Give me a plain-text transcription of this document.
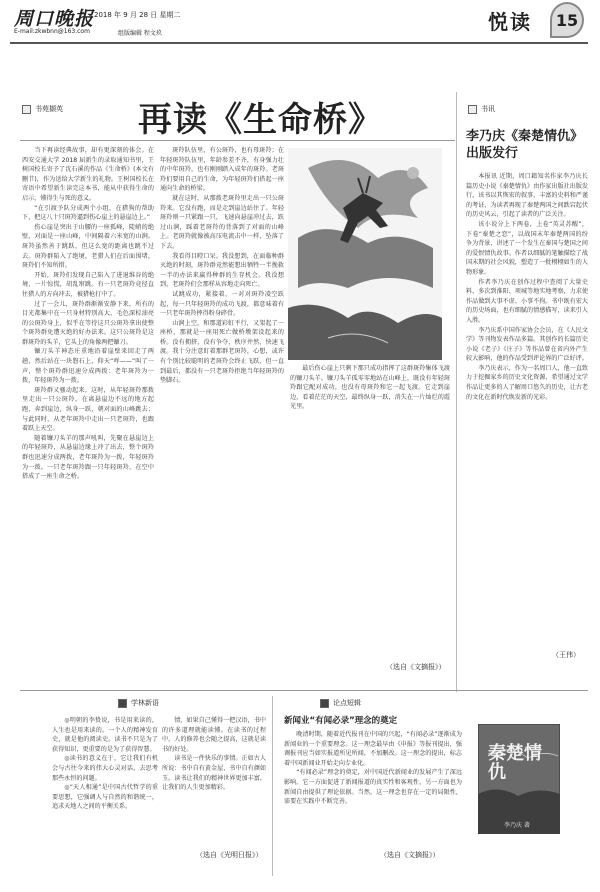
周口晚报 2018 年 9 月 28 日 星期二
E-mail:zkwbnn@163.com	组版编辑 程文玖	悦读	15
书苑撷英 再读《生命桥》

当下再读经典故事，却有更深刻的体会。在西安交通大学 2018 届新生的录取通知书里，王树国校长寄予了沈石溪的作品《生命桥》(本文有删节)，作为送给大学新生的礼物。王树国校长在寄语中希望新生读完这本书，能从中获得生命的启示，懂得生与死的意义。

“在引渡予队分成两个小组，在猎狗的帮助下，把这八十只斑羚逼到伤心崖上的悬崖边上。”

伤心崖是突出于山腰的一座孤峰，陡峭的绝壁，对面是一座山峰，中间隔着六米宽的山涧。斑羚虽然善于跳跃，但这么宽的距离也跳不过去。斑羚群陷入了绝境，老猎人们在后面围堵，斑羚们不知所措。

开始，斑羚们发现自己陷入了进退维谷的绝境，一片惊慌，胡乱窜跳。有一只老斑羚竟径直往猎人的方向冲去，被猎枪打中了。

过了一会儿，斑羚群渐渐安静下来，所有的目光都集中在一只身材特别高大、毛色深棕油亮的公斑羚身上，似乎在等待这只公斑羚拿出使整个斑羚群免遭灭绝的好办法来。这只公斑羚是这群斑羚的头羊，它头上的角像两把镰刀。

镰刀头羊神态庄重地沿着崖壁来回走了两趟，然后站在一块磐石上，仰天“咩——”叫了一声，整个斑羚群迅速分成两拨：老年斑羚为一拨，年轻斑羚为一拨。

斑羚群又骚动起来。这时，从年轻斑羚那拨里走出一只公斑羚，在离悬崖边不远的地方起跑，奔到崖边，纵身一跃，朝对面的山峰跳去；与此同时，从老年斑羚中走出一只老斑羚，也跟着跃上天空。

随着镰刀头羊的那声吼叫，先聚在悬崖边上的年轻斑羚，从悬崖边缘上冲了出去，整个斑羚群也迅速分成两拨，老年斑羚为一拨，年轻斑羚为一拨。一只老年斑羚跟一只年轻斑羚，在空中搭成了一座生命之桥。

斑羚队伍里，有公斑羚，也有母斑羚；在年轻斑羚队伍里，年龄参差不齐，有身强力壮的中年斑羚，也有刚刚踏入成年的斑羚。老斑羚们要用自己的生命，为年轻斑羚们搭起一座通向生命的桥梁。

就在这时，从那拨老斑羚里走出一只公斑羚来。它没有跑，而是走到崖边站住了。年轻斑羚则一只紧跟一只，飞速向悬崖冲过去，跃过山涧，踩着老斑羚的背落到了对面的山峰上。老斑羚就像被高压电流击中一样，坠落了下去。

我看得目瞪口呆。我没想到，在面临种群灭绝的时刻，斑羚群竟然能想出牺牲一半挽救一半的办法来赢得种群的生存机会。我没想到，老斑羚们会那样从容地走向死亡。

试跳成功，紧接着，一对对斑羚凌空跃起，每一只年轻斑羚的成功飞渡，都意味着有一只老年斑羚摔得粉身碎骨。

山涧上空，和那道彩虹平行，又架起了一座桥，那就是一座用死亡做桥墩架设起来的桥。没有拥挤，没有争夺，秩序井然，快速飞渡。我十分注意盯着那群老斑羚，心想，或许有个别比较聪明的老斑羚会终止飞跃，但一直到最后，都没有一只老斑羚拒绝当年轻斑羚的垫脚石。

最后伤心崖上只剩下那只成功指挥了这群斑羚集体飞渡的镰刀头羊。镰刀头羊孤零零地站在山峰上，既没有年轻斑羚跟它配对成功，也没有母斑羚和它一起飞渡。它走到崖边，看着茫茫的天空，最终纵身一跃，消失在一片灿烂的霞光里。

（选自《文摘报》）
书讯
李乃庆《秦楚情仇》
出版发行

本报讯 近期，周口籍知名作家李乃庆长篇历史小说《秦楚情仇》由作家出版社出版发行，该书以其恢宏的叙事、丰富的史料和严谨的考证，为读者再现了秦楚两国之间跌宕起伏的历史风云，引起了读者的广泛关注。

该小说分上下两卷，上卷“英灵苏醒”，下卷“秦楚之恋”，以战国末年秦楚两国的纷争为背景，讲述了一个发生在秦国与楚国之间的爱恨情仇故事。作者以细腻的笔触描绘了战国末期的社会风貌，塑造了一批栩栩如生的人物形象。

作者李乃庆在创作过程中查阅了大量史料，多次到淮阳、项城等地实地考察，力求使作品做到大事不虚、小事不拘。书中既有宏大的历史场面，也有细腻的情感描写，读来引人入胜。

李乃庆系中国作家协会会员，在《人民文学》等刊物发表作品多篇。其创作的长篇历史小说《老子》《庄子》等作品曾在省内外产生较大影响，他的作品受到评论界的广泛好评。

李乃庆表示，作为一名周口人，他一直致力于挖掘家乡的历史文化资源，希望通过文学作品让更多的人了解周口悠久的历史，让古老的文化在新时代焕发新的光彩。

（王伟）
学林新语

◎明朝的李贽说，书是用来读的，人生也是用来读的。一个人的精神发育史，就是他的阅读史。读书不只是为了获得知识，更重要的是为了获得智慧。

◎读书的意义在于，它让我们有机会与古往今来的伟大心灵对话，去思考那些永恒的问题。

◎“天人相通”是中国古代哲学的重要思想，它强调人与自然的和谐统一，追求天地人之间的平衡关系。

情，如果自己懂得一把汉语，书中的许多道理就能读懂。在读书的过程中，人的修养也会随之提高，这就是读书的好处。

读书是一件快乐的事情。正如古人所说：书中自有黄金屋，书中自有颜如玉。读书让我们的精神世界更加丰富，让我们的人生更加精彩。

（选自《光明日报》）
论点短辑
新闻业“有闻必录”理念的奠定

晚清时期，随着近代报刊在中国的兴起，“有闻必录”逐渐成为新闻业的一个重要理念。这一理念最早由《申报》等报刊提出，强调报刊应当如实报道所见所闻，不加删改。这一理念的提出，标志着中国新闻业开始走向专业化。

“有闻必录”理念的奠定，对中国近代新闻业的发展产生了深远影响。它一方面促进了新闻报道的真实性和客观性，另一方面也为新闻自由提供了理论依据。当然，这一理念也存在一定的局限性，需要在实践中不断完善。

（选自《文摘报》）
秦楚情仇
李乃庆 著
